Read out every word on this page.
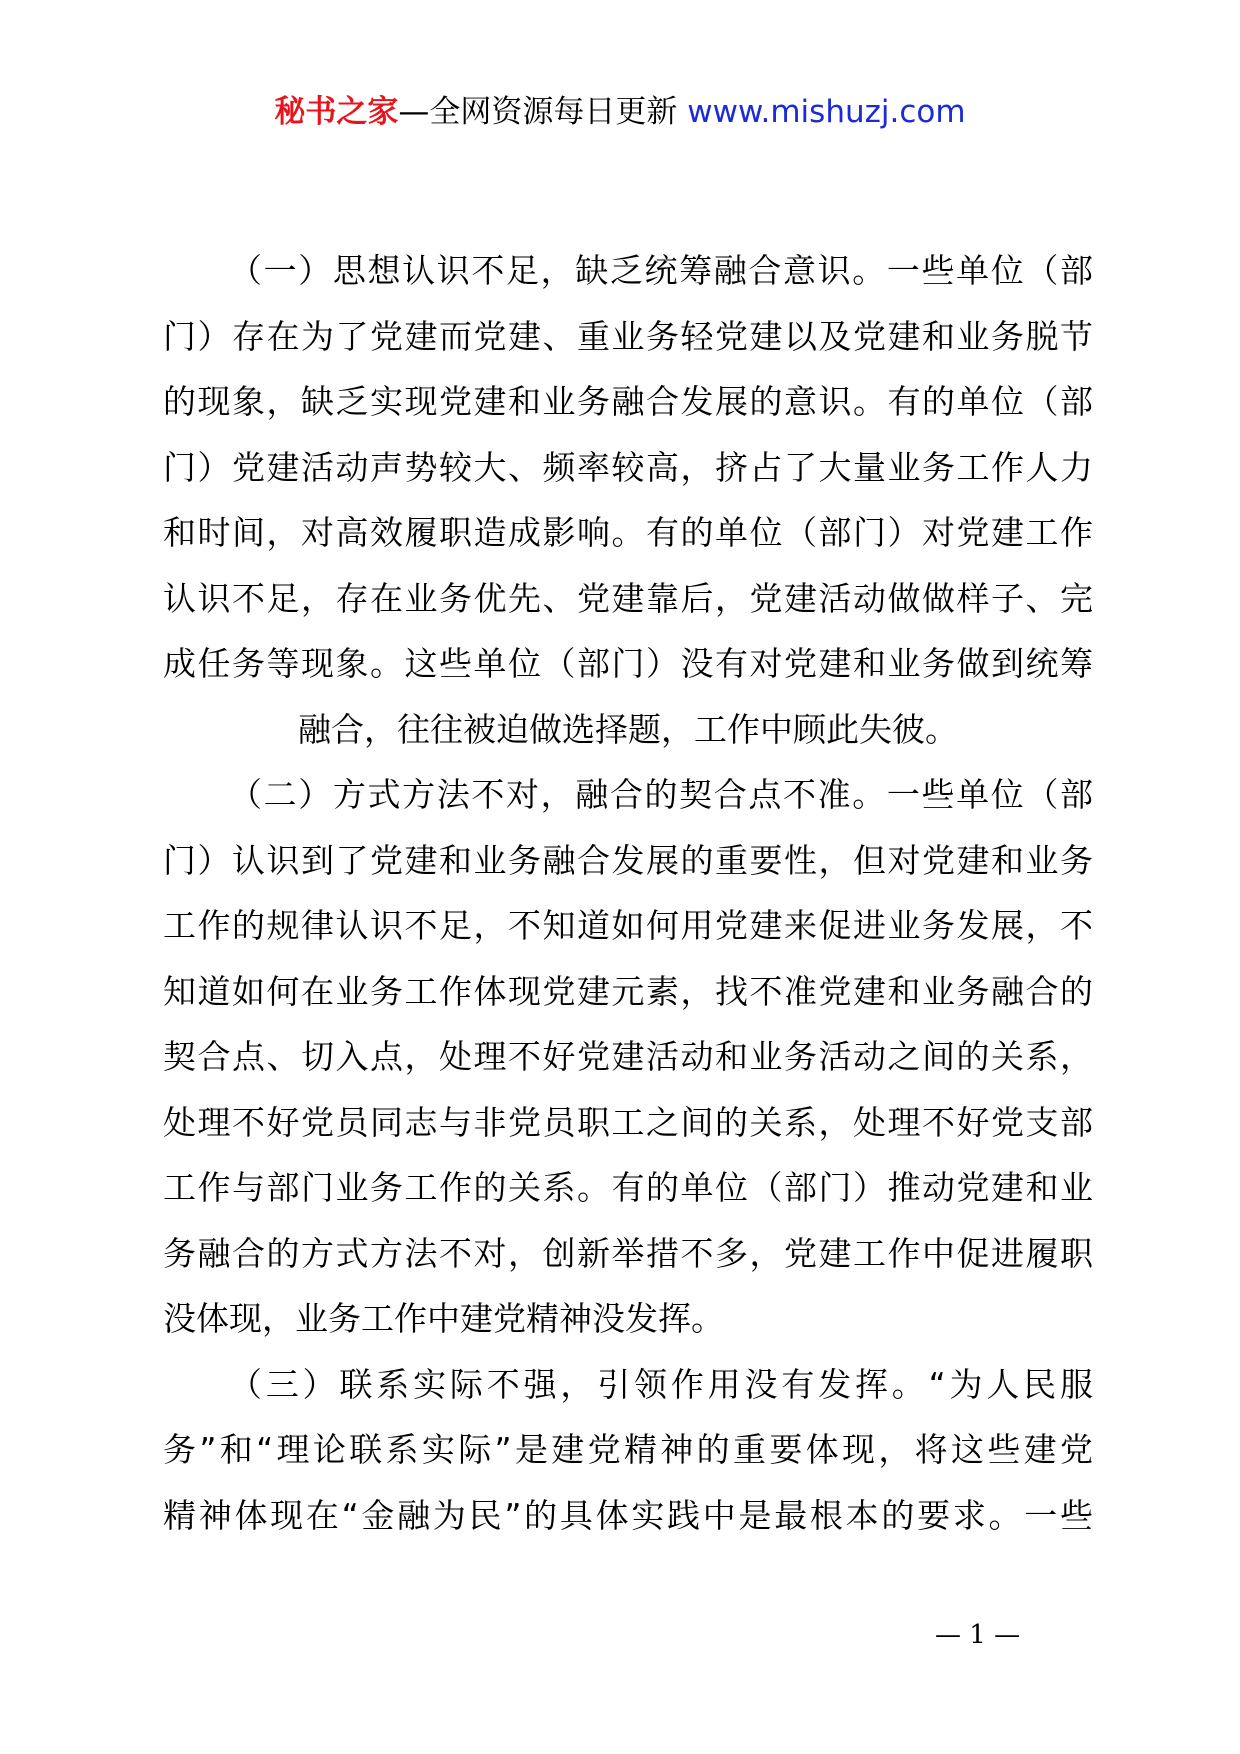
秘书之家—全网资源每日更新 www.mishuzj.com

（一）思想认识不足，缺乏统筹融合意识。一些单位（部
门）存在为了党建而党建、重业务轻党建以及党建和业务脱节
的现象，缺乏实现党建和业务融合发展的意识。有的单位（部
门）党建活动声势较大、频率较高，挤占了大量业务工作人力
和时间，对高效履职造成影响。有的单位（部门）对党建工作
认识不足，存在业务优先、党建靠后，党建活动做做样子、完
成任务等现象。这些单位（部门）没有对党建和业务做到统筹
融合，往往被迫做选择题，工作中顾此失彼。

（二）方式方法不对，融合的契合点不准。一些单位（部
门）认识到了党建和业务融合发展的重要性，但对党建和业务
工作的规律认识不足，不知道如何用党建来促进业务发展，不
知道如何在业务工作体现党建元素，找不准党建和业务融合的
契合点、切入点，处理不好党建活动和业务活动之间的关系，
处理不好党员同志与非党员职工之间的关系，处理不好党支部
工作与部门业务工作的关系。有的单位（部门）推动党建和业
务融合的方式方法不对，创新举措不多，党建工作中促进履职
没体现，业务工作中建党精神没发挥。

（三）联系实际不强，引领作用没有发挥。“为人民服
务”和“理论联系实际”是建党精神的重要体现，将这些建党
精神体现在“金融为民”的具体实践中是最根本的要求。一些

— 1 —
